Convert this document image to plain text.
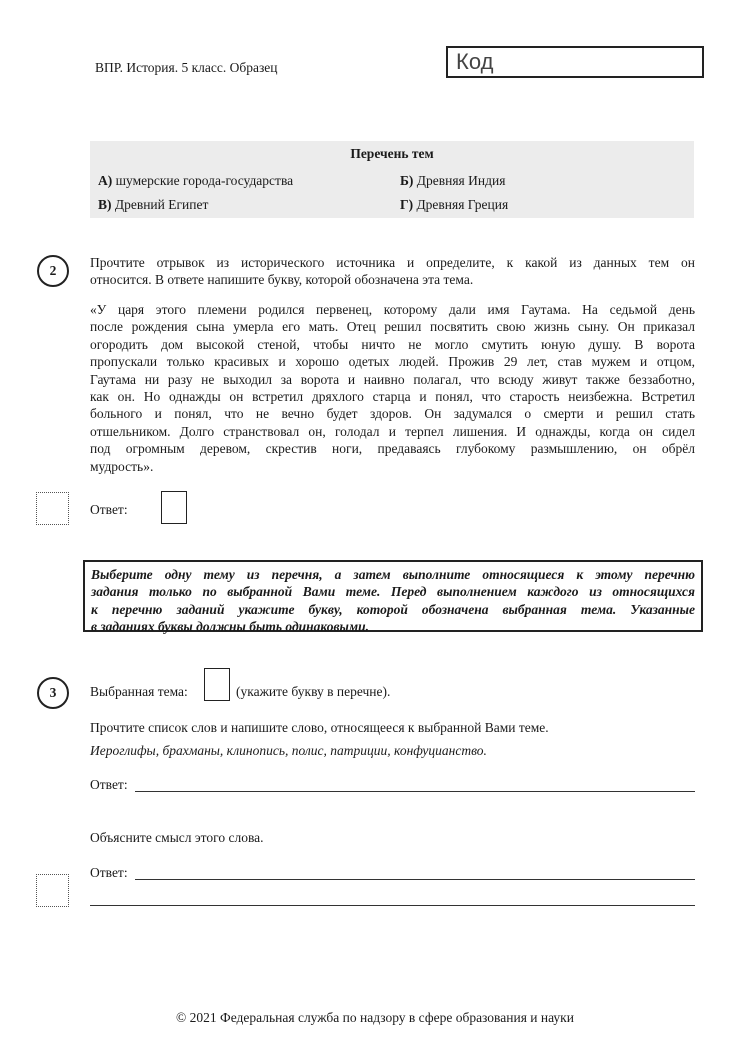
ВПР. История. 5 класс. Образец	Код
Перечень тем
А) шумерские города-государства	Б) Древняя Индия
В) Древний Египет	Г) Древняя Греция
2
Прочтите отрывок из исторического источника и определите, к какой из данных тем он
относится. В ответе напишите букву, которой обозначена эта тема.
«У царя этого племени родился первенец, которому дали имя Гаутама. На седьмой день
после рождения сына умерла его мать. Отец решил посвятить свою жизнь сыну. Он приказал
огородить дом высокой стеной, чтобы ничто не могло смутить юную душу. В ворота
пропускали только красивых и хорошо одетых людей. Прожив 29 лет, став мужем и отцом,
Гаутама ни разу не выходил за ворота и наивно полагал, что всюду живут также беззаботно,
как он. Но однажды он встретил дряхлого старца и понял, что старость неизбежна. Встретил
больного и понял, что не вечно будет здоров. Он задумался о смерти и решил стать
отшельником. Долго странствовал он, голодал и терпел лишения. И однажды, когда он сидел
под огромным деревом, скрестив ноги, предаваясь глубокому размышлению, он обрёл
мудрость».
Ответ:
Выберите одну тему из перечня, а затем выполните относящиеся к этому перечню
задания только по выбранной Вами теме. Перед выполнением каждого из относящихся
к перечню заданий укажите букву, которой обозначена выбранная тема. Указанные
в заданиях буквы должны быть одинаковыми.
3	Выбранная тема:	(укажите букву в перечне).
Прочтите список слов и напишите слово, относящееся к выбранной Вами теме.
Иероглифы, брахманы, клинопись, полис, патриции, конфуцианство.
Ответ:
Объясните смысл этого слова.
Ответ:
© 2021 Федеральная служба по надзору в сфере образования и науки
